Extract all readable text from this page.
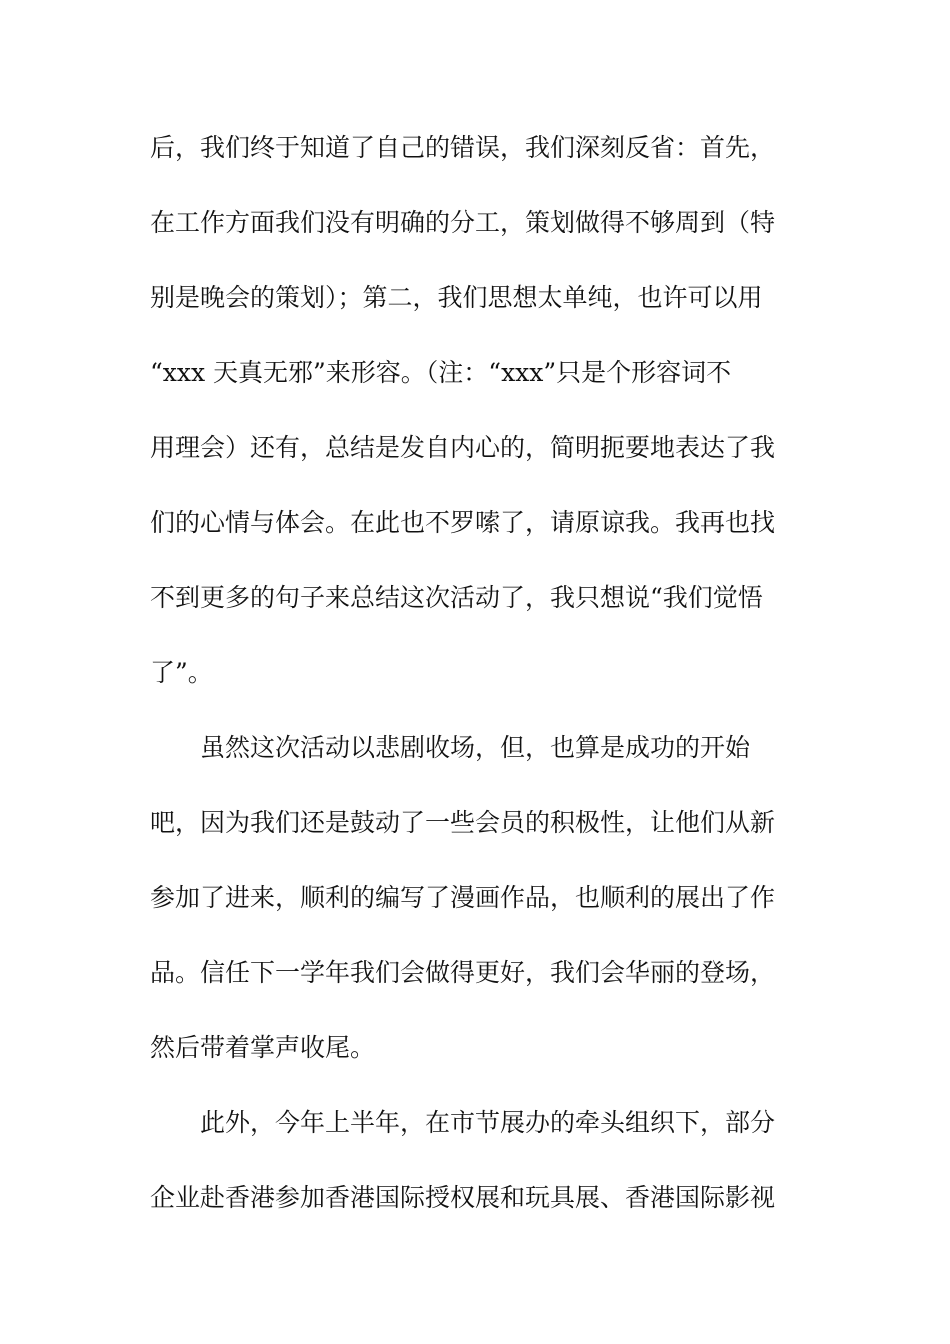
后，我们终于知道了自己的错误，我们深刻反省：首先，
在工作方面我们没有明确的分工，策划做得不够周到（特
别是晚会的策划）；第二，我们思想太单纯，也许可以用
“xxx 天真无邪”来形容。（注：“xxx”只是个形容词不
用理会）还有，总结是发自内心的，简明扼要地表达了我
们的心情与体会。在此也不罗嗦了，请原谅我。我再也找
不到更多的句子来总结这次活动了，我只想说“我们觉悟
了”。
虽然这次活动以悲剧收场，但，也算是成功的开始
吧，因为我们还是鼓动了一些会员的积极性，让他们从新
参加了进来，顺利的编写了漫画作品，也顺利的展出了作
品。信任下一学年我们会做得更好，我们会华丽的登场，
然后带着掌声收尾。
此外，今年上半年，在市节展办的牵头组织下，部分
企业赴香港参加香港国际授权展和玩具展、香港国际影视
